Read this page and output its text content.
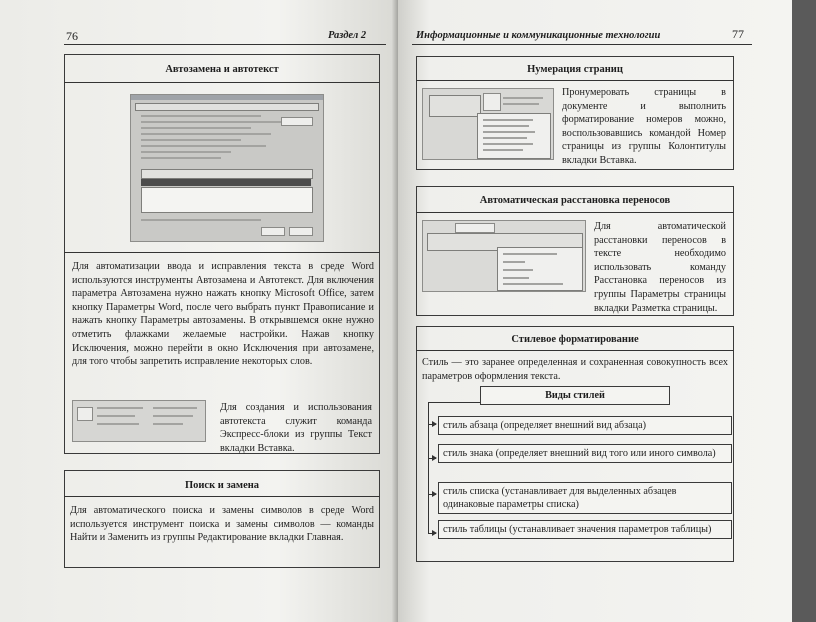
76	Раздел 2
Автозамена и автотекст
Для автоматизации ввода и исправления текста в среде Word используются инструменты Автозамена и Автотекст. Для включения параметра Автозамена нужно нажать кнопку Microsoft Office, затем кнопку Параметры Word, после чего выбрать пункт Правописание и нажать кнопку Параметры автозамены. В открывшемся окне нужно отметить флажками желаемые настройки. Нажав кнопку Исключения, можно перейти в окно Исключения при автозамене, для того чтобы запретить исправление некоторых слов.
Для создания и использования автотекста служит команда Экспресс-блоки из группы Текст вкладки Вставка.
Поиск и замена
Для автоматического поиска и замены символов в среде Word используется инструмент поиска и замены символов — команды Найти и Заменить из группы Редактирование вкладки Главная.
Информационные и коммуникационные технологии	77
Нумерация страниц
Пронумеровать страницы в документе и выполнить форматирование номеров можно, воспользовавшись командой Номер страницы из группы Колонтитулы вкладки Вставка.
Автоматическая расстановка переносов
Для автоматической расстановки переносов в тексте необходимо использовать команду Расстановка переносов из группы Параметры страницы вкладки Разметка страницы.
Стилевое форматирование
Стиль — это заранее определенная и сохраненная совокупность всех параметров оформления текста.
Виды стилей
стиль абзаца (определяет внешний вид абзаца)
стиль знака (определяет внешний вид того или иного символа)
стиль списка (устанавливает для выделенных абзацев одинаковые параметры списка)
стиль таблицы (устанавливает значения параметров таблицы)
